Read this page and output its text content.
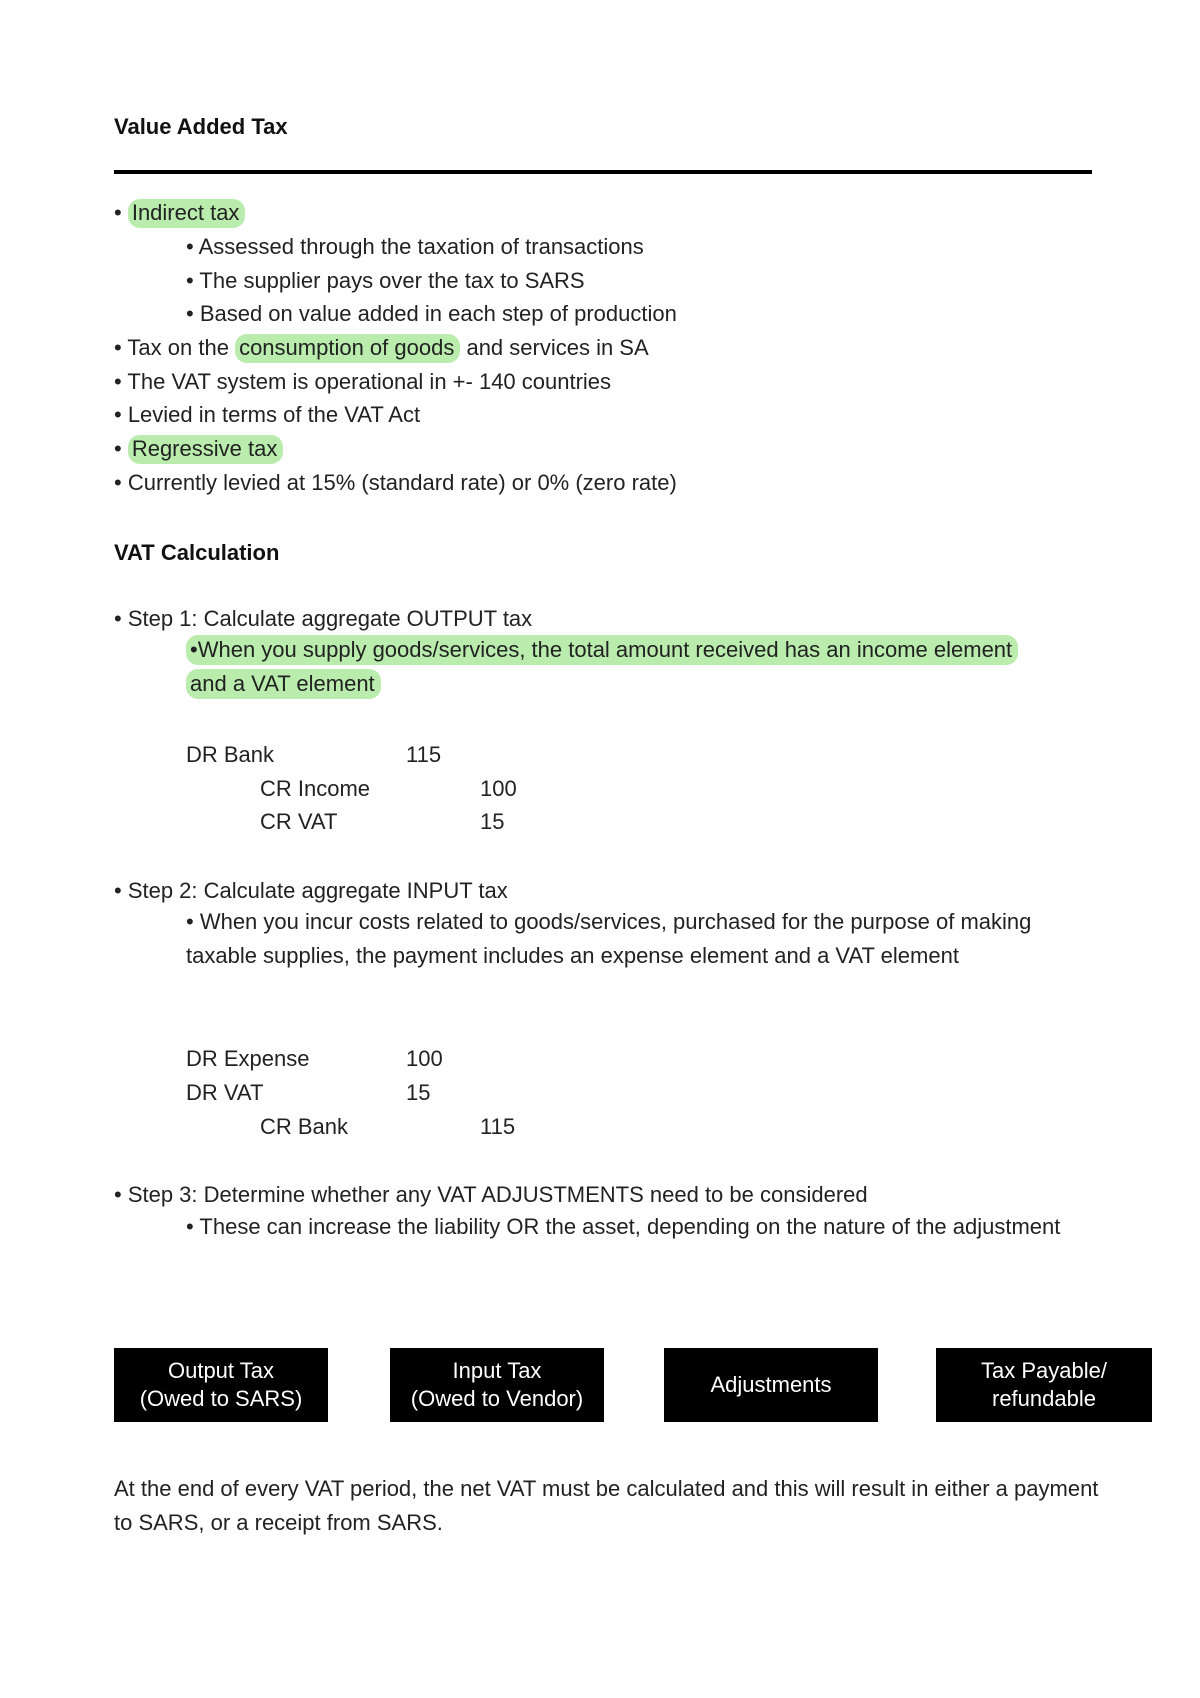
Value Added Tax
• Indirect tax
• Assessed through the taxation of transactions
• The supplier pays over the tax to SARS
• Based on value added in each step of production
• Tax on the consumption of goods and services in SA
• The VAT system is operational in +- 140 countries
• Levied in terms of the VAT Act
• Regressive tax
• Currently levied at 15% (standard rate) or 0% (zero rate)
VAT Calculation
• Step 1: Calculate aggregate OUTPUT tax
•When you supply goods/services, the total amount received has an income element and a VAT element
DR Bank	115
CR Income	100
CR VAT	15
• Step 2: Calculate aggregate INPUT tax
• When you incur costs related to goods/services, purchased for the purpose of making taxable supplies, the payment includes an expense element and a VAT element
DR Expense	100
DR VAT	15
CR Bank	115
• Step 3: Determine whether any VAT ADJUSTMENTS need to be considered
• These can increase the liability OR the asset, depending on the nature of the adjustment
Output Tax
(Owed to SARS)
Input Tax
(Owed to Vendor)
Adjustments
Tax Payable/
refundable
At the end of every VAT period, the net VAT must be calculated and this will result in either a payment to SARS, or a receipt from SARS.
